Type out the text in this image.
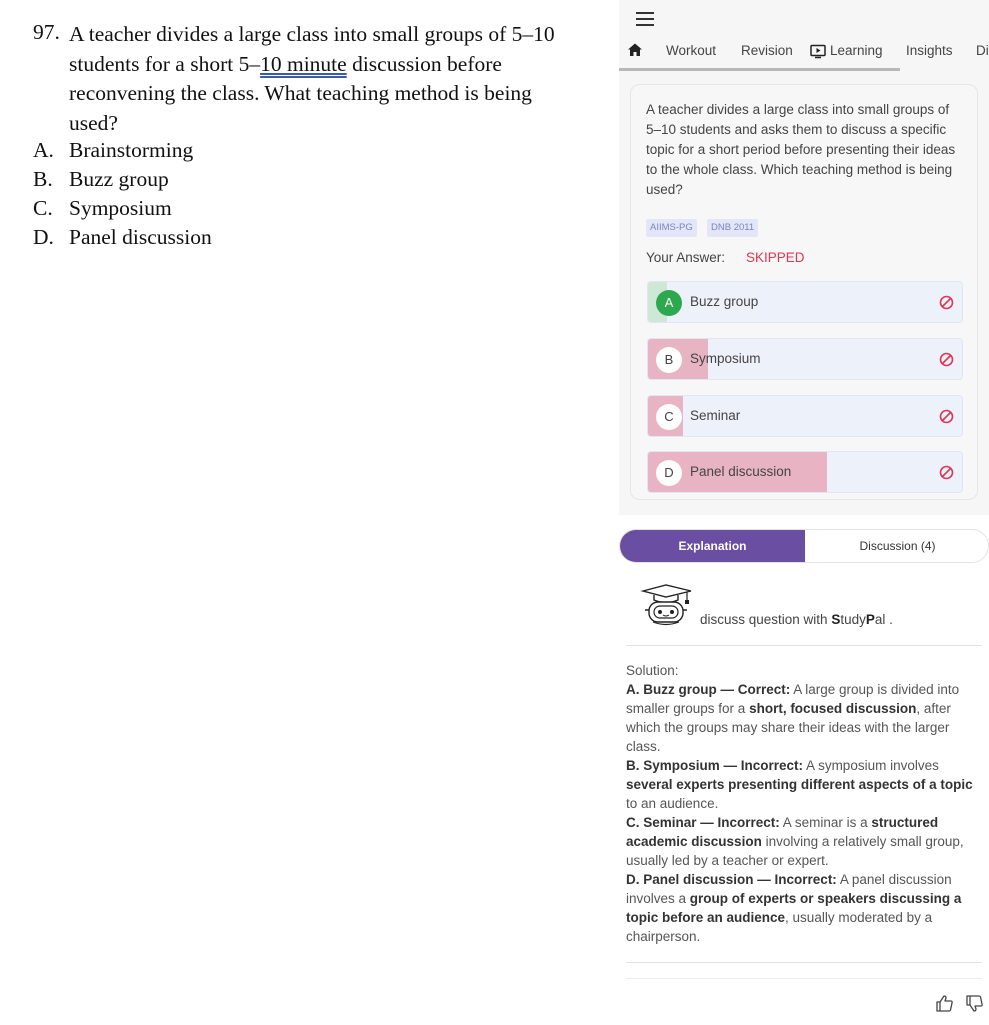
97. A teacher divides a large class into small groups of 5–10
students for a short 5–10 minute discussion before
reconvening the class. What teaching method is being
used?
A. Brainstorming
B. Buzz group
C. Symposium
D. Panel discussion
Workout Revision	Learning Insights Di
A teacher divides a large class into small groups of 5–10 students and asks them to discuss a specific topic for a short period before presenting their ideas to the whole class. Which teaching method is being used?
AIIMS-PG	DNB 2011
Your Answer: SKIPPED
A	Buzz group
B	Symposium
C	Seminar
D	Panel discussion
Explanation	Discussion (4)
discuss question with StudyPal .
Solution:
A. Buzz group — Correct: A large group is divided into smaller groups for a short, focused discussion, after which the groups may share their ideas with the larger class.
B. Symposium — Incorrect: A symposium involves several experts presenting different aspects of a topic to an audience.
C. Seminar — Incorrect: A seminar is a structured academic discussion involving a relatively small group, usually led by a teacher or expert.
D. Panel discussion — Incorrect: A panel discussion involves a group of experts or speakers discussing a topic before an audience, usually moderated by a chairperson.
